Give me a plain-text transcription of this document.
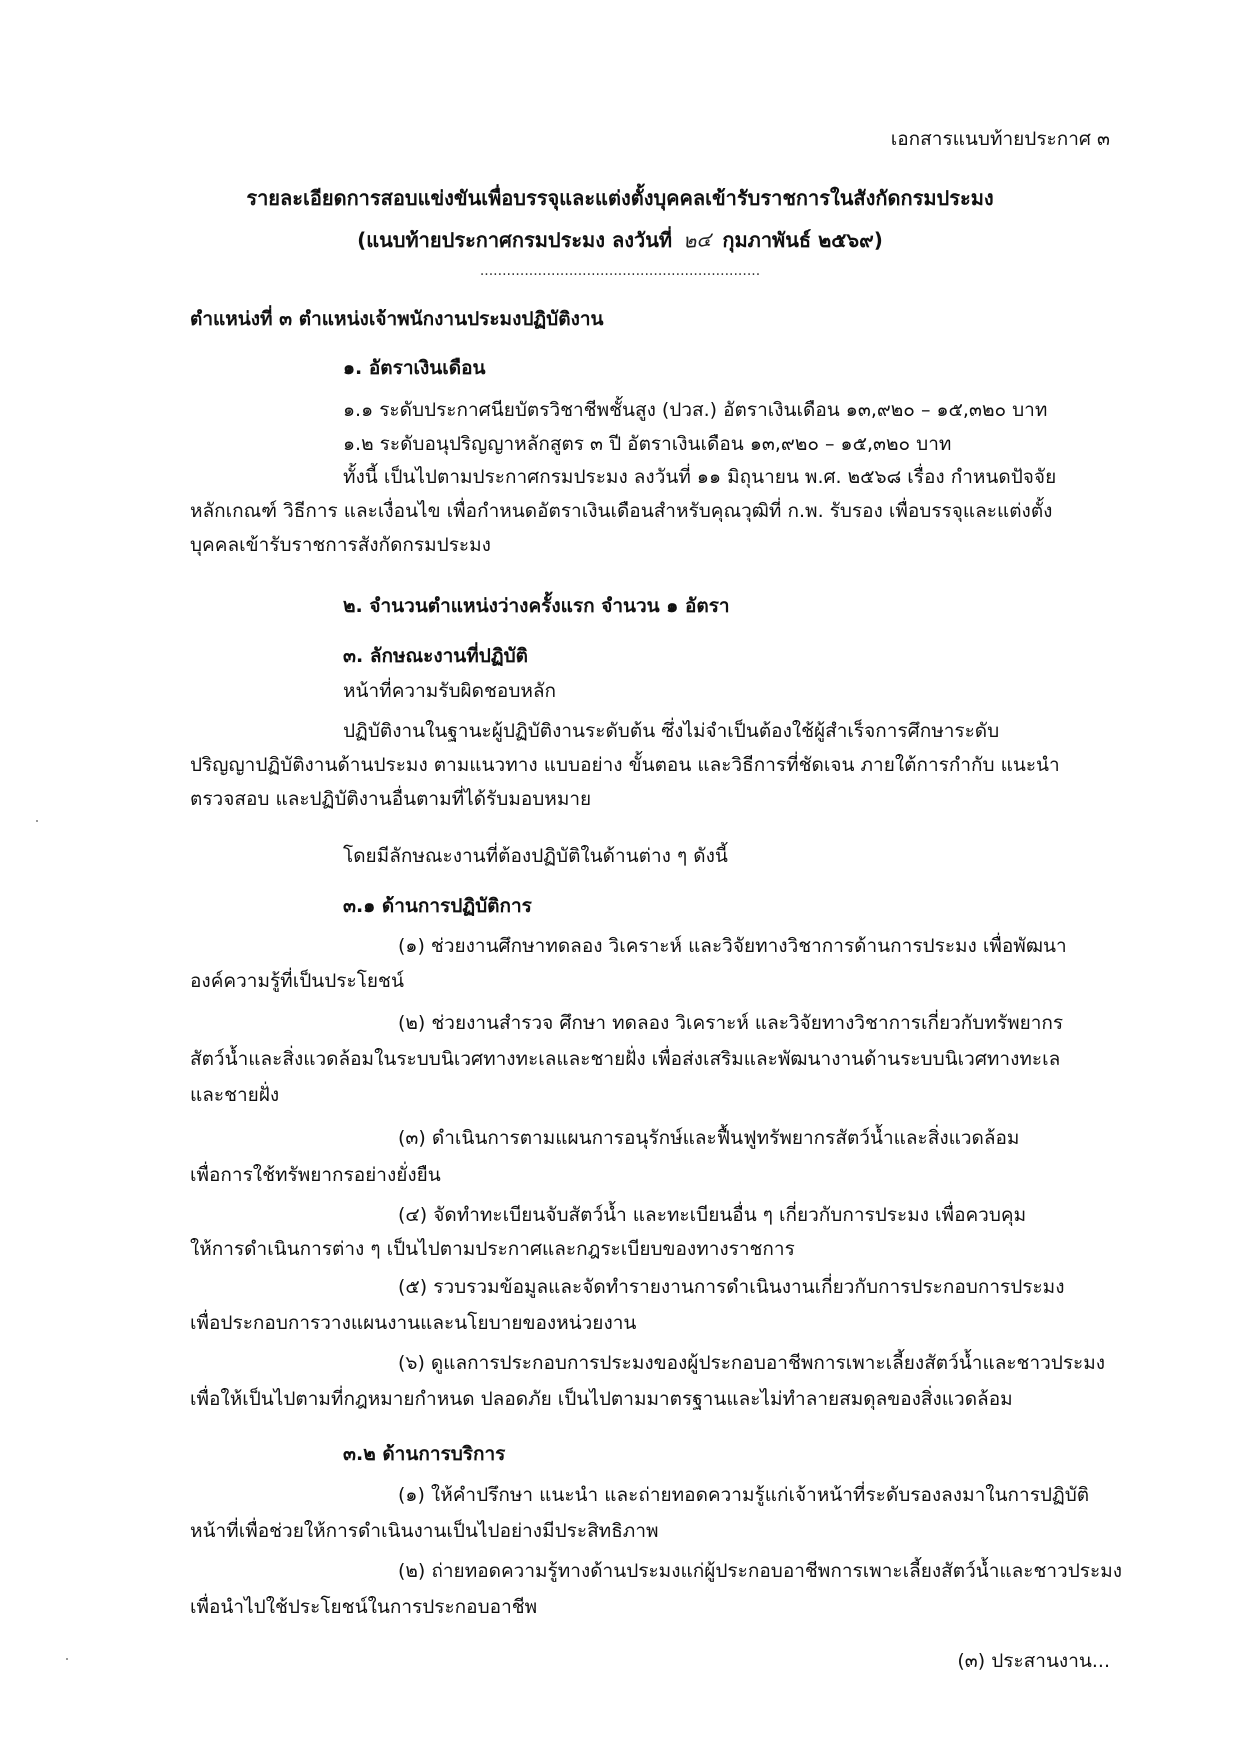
เอกสารแนบท้ายประกาศ ๓
รายละเอียดการสอบแข่งขันเพื่อบรรจุและแต่งตั้งบุคคลเข้ารับราชการในสังกัดกรมประมง
(แนบท้ายประกาศกรมประมง ลงวันที่ ๒๔ กุมภาพันธ์ ๒๕๖๙)
...............................................................
ตำแหน่งที่ ๓ ตำแหน่งเจ้าพนักงานประมงปฏิบัติงาน
๑. อัตราเงินเดือน
๑.๑ ระดับประกาศนียบัตรวิชาชีพชั้นสูง (ปวส.) อัตราเงินเดือน ๑๓,๙๒๐ – ๑๕,๓๒๐ บาท
๑.๒ ระดับอนุปริญญาหลักสูตร ๓ ปี อัตราเงินเดือน ๑๓,๙๒๐ – ๑๕,๓๒๐ บาท
ทั้งนี้ เป็นไปตามประกาศกรมประมง ลงวันที่ ๑๑ มิถุนายน พ.ศ. ๒๕๖๘ เรื่อง กำหนดปัจจัย
หลักเกณฑ์ วิธีการ และเงื่อนไข เพื่อกำหนดอัตราเงินเดือนสำหรับคุณวุฒิที่ ก.พ. รับรอง เพื่อบรรจุและแต่งตั้ง
บุคคลเข้ารับราชการสังกัดกรมประมง
๒. จำนวนตำแหน่งว่างครั้งแรก จำนวน ๑ อัตรา
๓. ลักษณะงานที่ปฏิบัติ
หน้าที่ความรับผิดชอบหลัก
ปฏิบัติงานในฐานะผู้ปฏิบัติงานระดับต้น ซึ่งไม่จำเป็นต้องใช้ผู้สำเร็จการศึกษาระดับ
ปริญญาปฏิบัติงานด้านประมง ตามแนวทาง แบบอย่าง ขั้นตอน และวิธีการที่ชัดเจน ภายใต้การกำกับ แนะนำ
ตรวจสอบ และปฏิบัติงานอื่นตามที่ได้รับมอบหมาย
โดยมีลักษณะงานที่ต้องปฏิบัติในด้านต่าง ๆ ดังนี้
๓.๑ ด้านการปฏิบัติการ
(๑) ช่วยงานศึกษาทดลอง วิเคราะห์ และวิจัยทางวิชาการด้านการประมง เพื่อพัฒนา
องค์ความรู้ที่เป็นประโยชน์
(๒) ช่วยงานสำรวจ ศึกษา ทดลอง วิเคราะห์ และวิจัยทางวิชาการเกี่ยวกับทรัพยากร
สัตว์น้ำและสิ่งแวดล้อมในระบบนิเวศทางทะเลและชายฝั่ง เพื่อส่งเสริมและพัฒนางานด้านระบบนิเวศทางทะเล
และชายฝั่ง
(๓) ดำเนินการตามแผนการอนุรักษ์และฟื้นฟูทรัพยากรสัตว์น้ำและสิ่งแวดล้อม
เพื่อการใช้ทรัพยากรอย่างยั่งยืน
(๔) จัดทำทะเบียนจับสัตว์น้ำ และทะเบียนอื่น ๆ เกี่ยวกับการประมง เพื่อควบคุม
ให้การดำเนินการต่าง ๆ เป็นไปตามประกาศและกฎระเบียบของทางราชการ
(๕) รวบรวมข้อมูลและจัดทำรายงานการดำเนินงานเกี่ยวกับการประกอบการประมง
เพื่อประกอบการวางแผนงานและนโยบายของหน่วยงาน
(๖) ดูแลการประกอบการประมงของผู้ประกอบอาชีพการเพาะเลี้ยงสัตว์น้ำและชาวประมง
เพื่อให้เป็นไปตามที่กฎหมายกำหนด ปลอดภัย เป็นไปตามมาตรฐานและไม่ทำลายสมดุลของสิ่งแวดล้อม
๓.๒ ด้านการบริการ
(๑) ให้คำปรึกษา แนะนำ และถ่ายทอดความรู้แก่เจ้าหน้าที่ระดับรองลงมาในการปฏิบัติ
หน้าที่เพื่อช่วยให้การดำเนินงานเป็นไปอย่างมีประสิทธิภาพ
(๒) ถ่ายทอดความรู้ทางด้านประมงแก่ผู้ประกอบอาชีพการเพาะเลี้ยงสัตว์น้ำและชาวประมง
เพื่อนำไปใช้ประโยชน์ในการประกอบอาชีพ
(๓) ประสานงาน...
